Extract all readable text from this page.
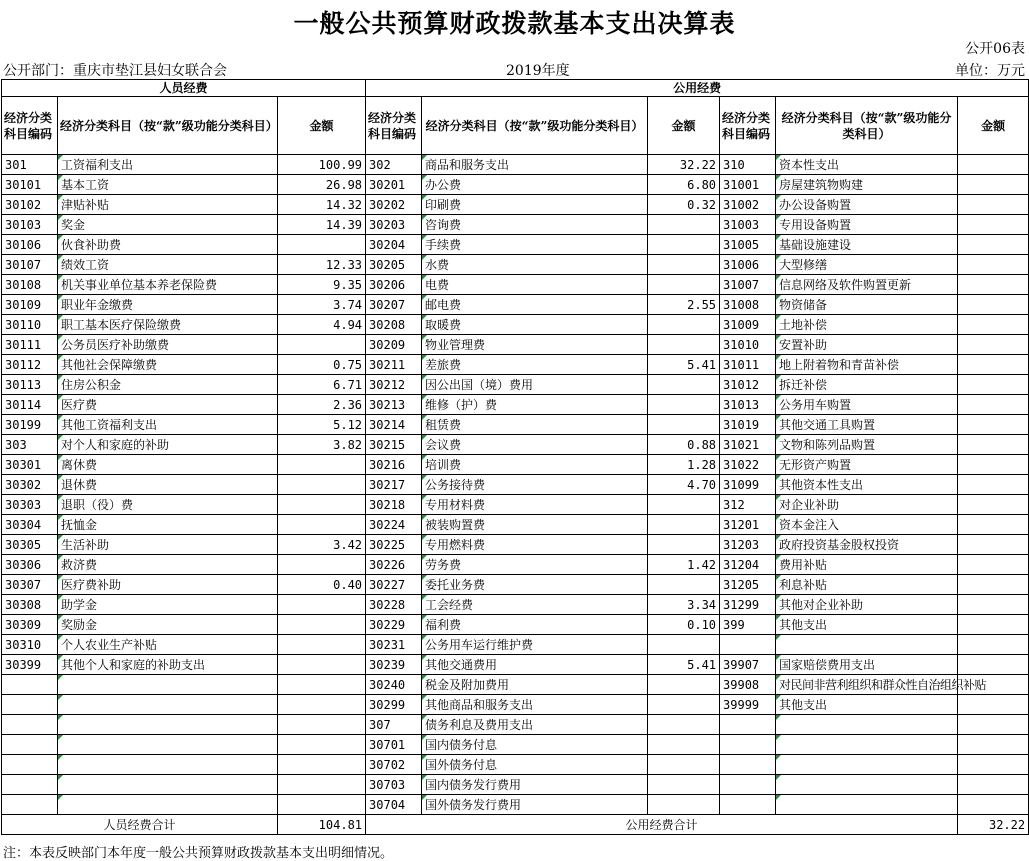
一般公共预算财政拨款基本支出决算表
公开06表
公开部门：重庆市垫江县妇女联合会	2019年度	单位：万元
人员经费			公用经费					
经济分类科目编码	经济分类科目（按“款”级功能分类科目）	金额	经济分类科目编码	经济分类科目（按“款”级功能分类科目）	金额	经济分类科目编码	经济分类科目（按“款”级功能分类科目）	金额
301	工资福利支出	100.99	302	商品和服务支出	32.22	310	资本性支出	
30101	基本工资	26.98	30201	办公费	6.80	31001	房屋建筑物购建	
30102	津贴补贴	14.32	30202	印刷费	0.32	31002	办公设备购置	
30103	奖金	14.39	30203	咨询费		31003	专用设备购置	
30106	伙食补助费		30204	手续费		31005	基础设施建设	
30107	绩效工资	12.33	30205	水费		31006	大型修缮	
30108	机关事业单位基本养老保险费	9.35	30206	电费		31007	信息网络及软件购置更新	
30109	职业年金缴费	3.74	30207	邮电费	2.55	31008	物资储备	
30110	职工基本医疗保险缴费	4.94	30208	取暖费		31009	土地补偿	
30111	公务员医疗补助缴费		30209	物业管理费		31010	安置补助	
30112	其他社会保障缴费	0.75	30211	差旅费	5.41	31011	地上附着物和青苗补偿	
30113	住房公积金	6.71	30212	因公出国（境）费用		31012	拆迁补偿	
30114	医疗费	2.36	30213	维修（护）费		31013	公务用车购置	
30199	其他工资福利支出	5.12	30214	租赁费		31019	其他交通工具购置	
303	对个人和家庭的补助	3.82	30215	会议费	0.88	31021	文物和陈列品购置	
30301	离休费		30216	培训费	1.28	31022	无形资产购置	
30302	退休费		30217	公务接待费	4.70	31099	其他资本性支出	
30303	退职（役）费		30218	专用材料费		312	对企业补助	
30304	抚恤金		30224	被装购置费		31201	资本金注入	
30305	生活补助	3.42	30225	专用燃料费		31203	政府投资基金股权投资	
30306	救济费		30226	劳务费	1.42	31204	费用补贴	
30307	医疗费补助	0.40	30227	委托业务费		31205	利息补贴	
30308	助学金		30228	工会经费	3.34	31299	其他对企业补助	
30309	奖励金		30229	福利费	0.10	399	其他支出	
30310	个人农业生产补贴		30231	公务用车运行维护费				
30399	其他个人和家庭的补助支出		30239	其他交通费用	5.41	39907	国家赔偿费用支出	
			30240	税金及附加费用		39908	对民间非营利组织和群众性自治组织补贴	
			30299	其他商品和服务支出		39999	其他支出	
			307	债务利息及费用支出				
			30701	国内债务付息				
			30702	国外债务付息				
			30703	国内债务发行费用				
			30704	国外债务发行费用				
人员经费合计		104.81	公用经费合计					32.22
注：本表反映部门本年度一般公共预算财政拨款基本支出明细情况。
